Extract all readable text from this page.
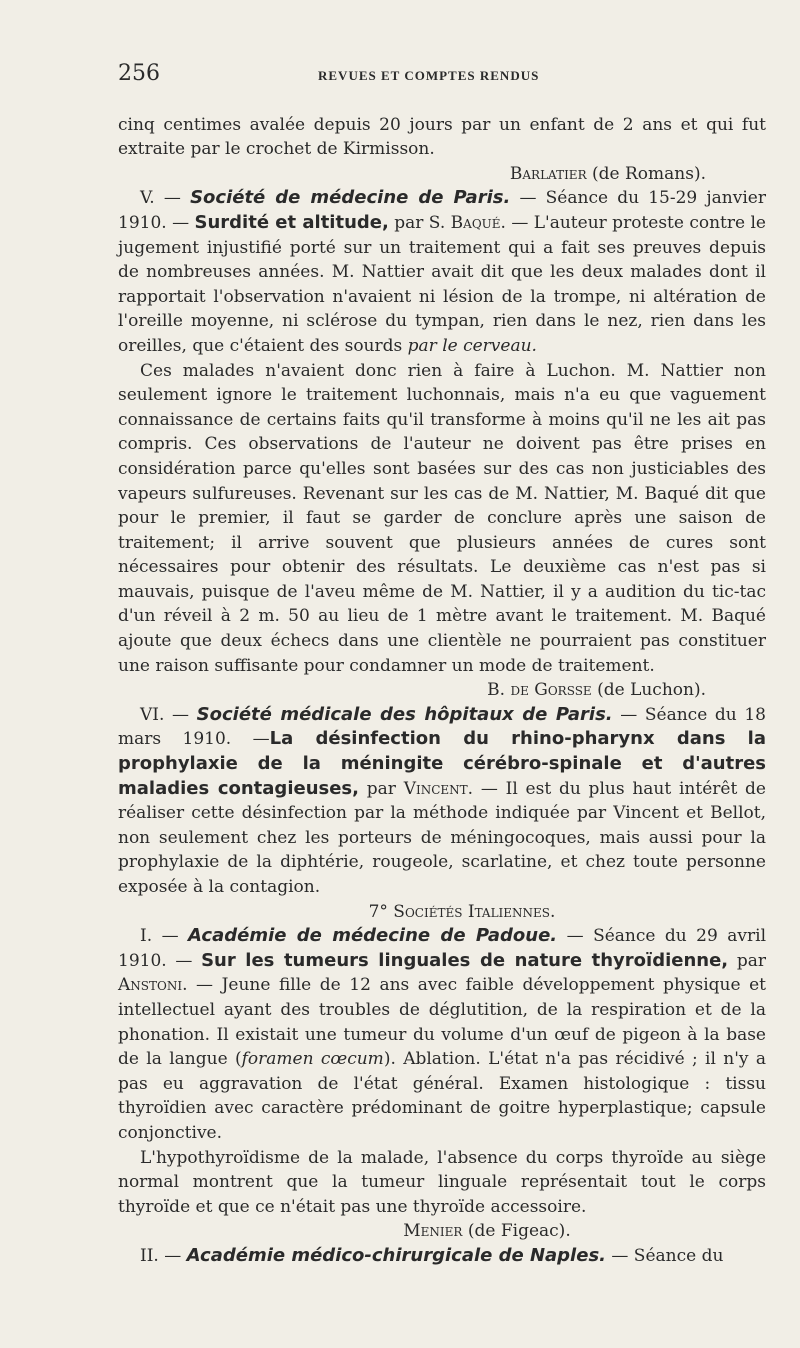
256	REVUES ET COMPTES RENDUS

cinq centimes avalée depuis 20 jours par un enfant de 2 ans et qui fut extraite par le crochet de Kirmisson.

Barlatier (de Romans).

V. — Société de médecine de Paris. — Séance du 15-29 janvier 1910. — Surdité et altitude, par S. Baqué. — L'auteur proteste contre le jugement injustifié porté sur un traitement qui a fait ses preuves depuis de nombreuses années. M. Nattier avait dit que les deux malades dont il rapportait l'observation n'avaient ni lésion de la trompe, ni altération de l'oreille moyenne, ni sclérose du tympan, rien dans le nez, rien dans les oreilles, que c'étaient des sourds par le cerveau.

Ces malades n'avaient donc rien à faire à Luchon. M. Nattier non seulement ignore le traitement luchonnais, mais n'a eu que vaguement connaissance de certains faits qu'il transforme à moins qu'il ne les ait pas compris. Ces observations de l'auteur ne doivent pas être prises en considération parce qu'elles sont basées sur des cas non justiciables des vapeurs sulfureuses. Revenant sur les cas de M. Nattier, M. Baqué dit que pour le premier, il faut se garder de conclure après une saison de traitement; il arrive souvent que plusieurs années de cures sont nécessaires pour obtenir des résultats. Le deuxième cas n'est pas si mauvais, puisque de l'aveu même de M. Nattier, il y a audition du tic-tac d'un réveil à 2 m. 50 au lieu de 1 mètre avant le traitement. M. Baqué ajoute que deux échecs dans une clientèle ne pourraient pas constituer une raison suffisante pour condamner un mode de traitement.

B. de Gorsse (de Luchon).

VI. — Société médicale des hôpitaux de Paris. — Séance du 18 mars 1910. —La désinfection du rhino-pharynx dans la prophylaxie de la méningite cérébro-spinale et d'autres maladies contagieuses, par Vincent. — Il est du plus haut intérêt de réaliser cette désinfection par la méthode indiquée par Vincent et Bellot, non seulement chez les porteurs de méningocoques, mais aussi pour la prophylaxie de la diphtérie, rougeole, scarlatine, et chez toute personne exposée à la contagion.

7° Sociétés Italiennes.

I. — Académie de médecine de Padoue. — Séance du 29 avril 1910. — Sur les tumeurs linguales de nature thyroïdienne, par Anstoni. — Jeune fille de 12 ans avec faible développement physique et intellectuel ayant des troubles de déglutition, de la respiration et de la phonation. Il existait une tumeur du volume d'un œuf de pigeon à la base de la langue (foramen cœcum). Ablation. L'état n'a pas récidivé ; il n'y a pas eu aggravation de l'état général. Examen histologique : tissu thyroïdien avec caractère prédominant de goitre hyperplastique; capsule conjonctive.

L'hypothyroïdisme de la malade, l'absence du corps thyroïde au siège normal montrent que la tumeur linguale représentait tout le corps thyroïde et que ce n'était pas une thyroïde accessoire.

Menier (de Figeac).

II. — Académie médico-chirurgicale de Naples. — Séance du
